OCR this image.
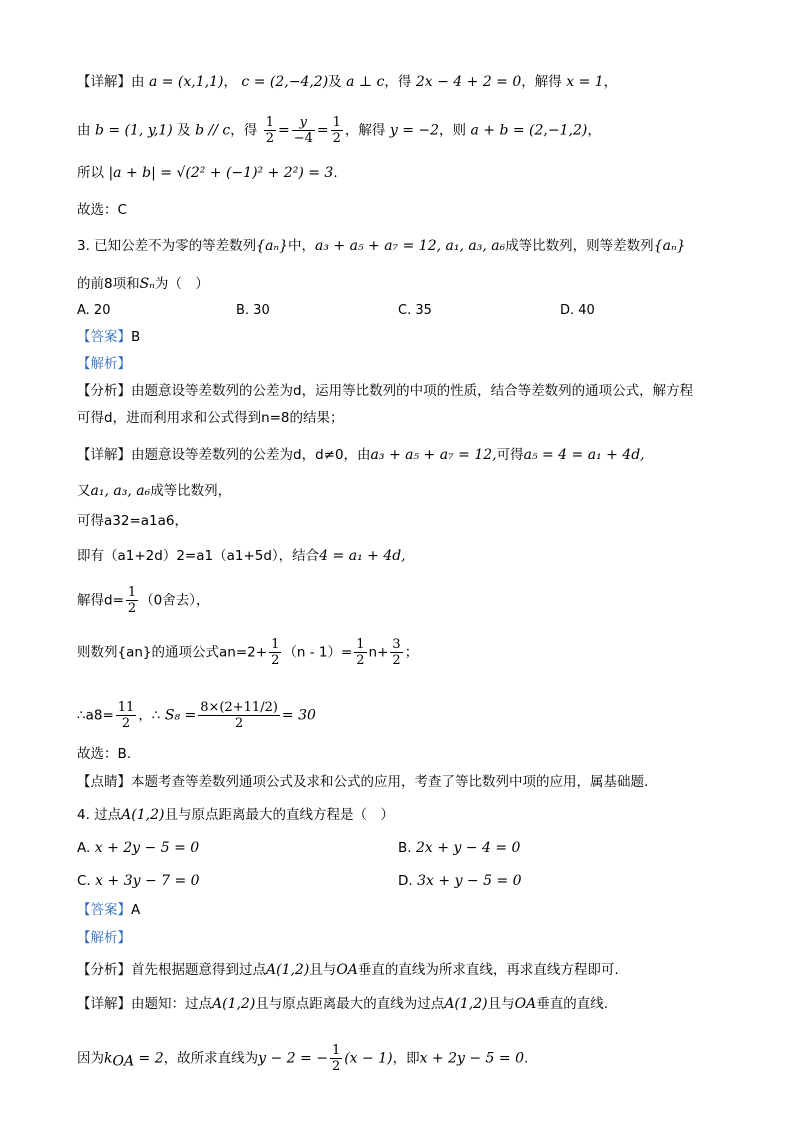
【详解】由 a = (x,1,1)， c = (2,−4,2)及 a ⊥ c，得 2x − 4 + 2 = 0，解得 x = 1，
由 b = (1, y,1) 及 b // c，得 $\frac{1}{2} = \frac{y}{-4} = \frac{1}{2}$ ，解得 y = −2，则 a + b = (2,−1,2)，
所以 |a + b| = √(2² + (−1)² + 2²) = 3.
故选：C
3. 已知公差不为零的等差数列{aₙ}中，a₃ + a₅ + a₇ = 12, a₁, a₃, a₆成等比数列，则等差数列{aₙ}
的前8项和Sₙ为（　）
A. 20	B. 30	C. 35	D. 40
【答案】B
【解析】
【分析】由题意设等差数列的公差为d，运用等比数列的中项的性质，结合等差数列的通项公式，解方程
可得d，进而利用求和公式得到n=8的结果；
【详解】由题意设等差数列的公差为d，d≠0，由a₃ + a₅ + a₇ = 12,可得a₅ = 4 = a₁ + 4d,
又a₁, a₃, a₆成等比数列，
可得a32=a1a6，
即有（a1+2d）2=a1（a1+5d），结合4 = a₁ + 4d,
解得$d= \frac{1}{2} (0$舍去），
则数列{an}的通项公式$an=2+ \frac{1}{2} (n - 1)= \frac{1}{2} n+ \frac{3}{2}$ ；
∴a8= $\frac{11}{2}$ ，∴ $S_8 = \frac{8\times(2+11/2)}{2} = 30$
故选：B.
【点睛】本题考查等差数列通项公式及求和公式的应用，考查了等比数列中项的应用，属基础题.
4. 过点A(1,2)且与原点距离最大的直线方程是（　）
A. x + 2y − 5 = 0	B. 2x + y − 4 = 0
C. x + 3y − 7 = 0	D. 3x + y − 5 = 0
【答案】A
【解析】
【分析】首先根据题意得到过点A(1,2)且与OA垂直的直线为所求直线，再求直线方程即可.
【详解】由题知：过点A(1,2)且与原点距离最大的直线为过点A(1,2)且与OA垂直的直线.
因为$k_{OA} = 2$，故所求直线为y − 2 = − $\frac{1}{2} (x - 1)$，即x + 2y − 5 = 0.
